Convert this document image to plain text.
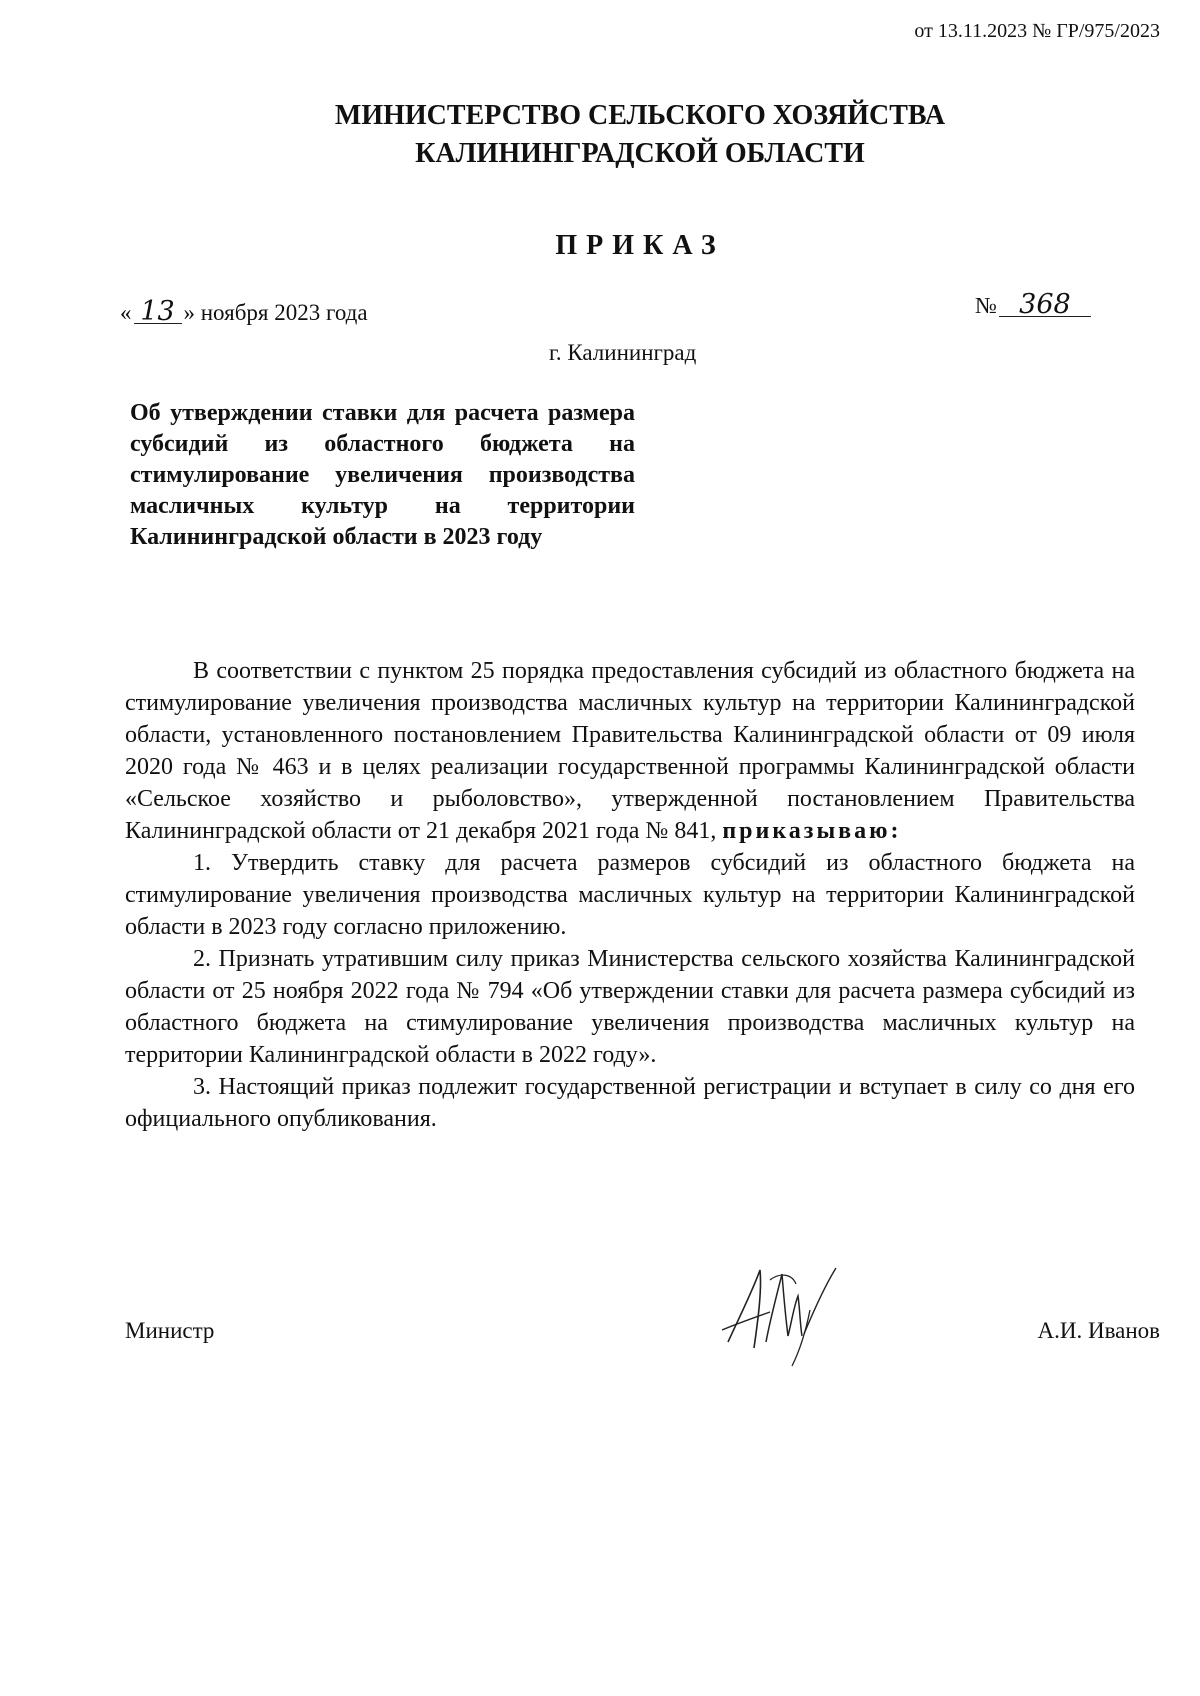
от 13.11.2023 № ГР/975/2023
МИНИСТЕРСТВО СЕЛЬСКОГО ХОЗЯЙСТВА
КАЛИНИНГРАДСКОЙ ОБЛАСТИ
ПРИКАЗ
« 13 » ноября 2023 года	№ 368
г. Калининград
Об утверждении ставки для расчета размера субсидий из областного бюджета на стимулирование увеличения производства масличных культур на территории Калининградской области в 2023 году

В соответствии с пунктом 25 порядка предоставления субсидий из областного бюджета на стимулирование увеличения производства масличных культур на территории Калининградской области, установленного постановлением Правительства Калининградской области от 09 июля 2020 года № 463 и в целях реализации государственной программы Калининградской области «Сельское хозяйство и рыболовство», утвержденной постановлением Правительства Калининградской области от 21 декабря 2021 года № 841, приказываю:

1. Утвердить ставку для расчета размеров субсидий из областного бюджета на стимулирование увеличения производства масличных культур на территории Калининградской области в 2023 году согласно приложению.

2. Признать утратившим силу приказ Министерства сельского хозяйства Калининградской области от 25 ноября 2022 года № 794 «Об утверждении ставки для расчета размера субсидий из областного бюджета на стимулирование увеличения производства масличных культур на территории Калининградской области в 2022 году».

3. Настоящий приказ подлежит государственной регистрации и вступает в силу со дня его официального опубликования.

Министр	А.И. Иванов
